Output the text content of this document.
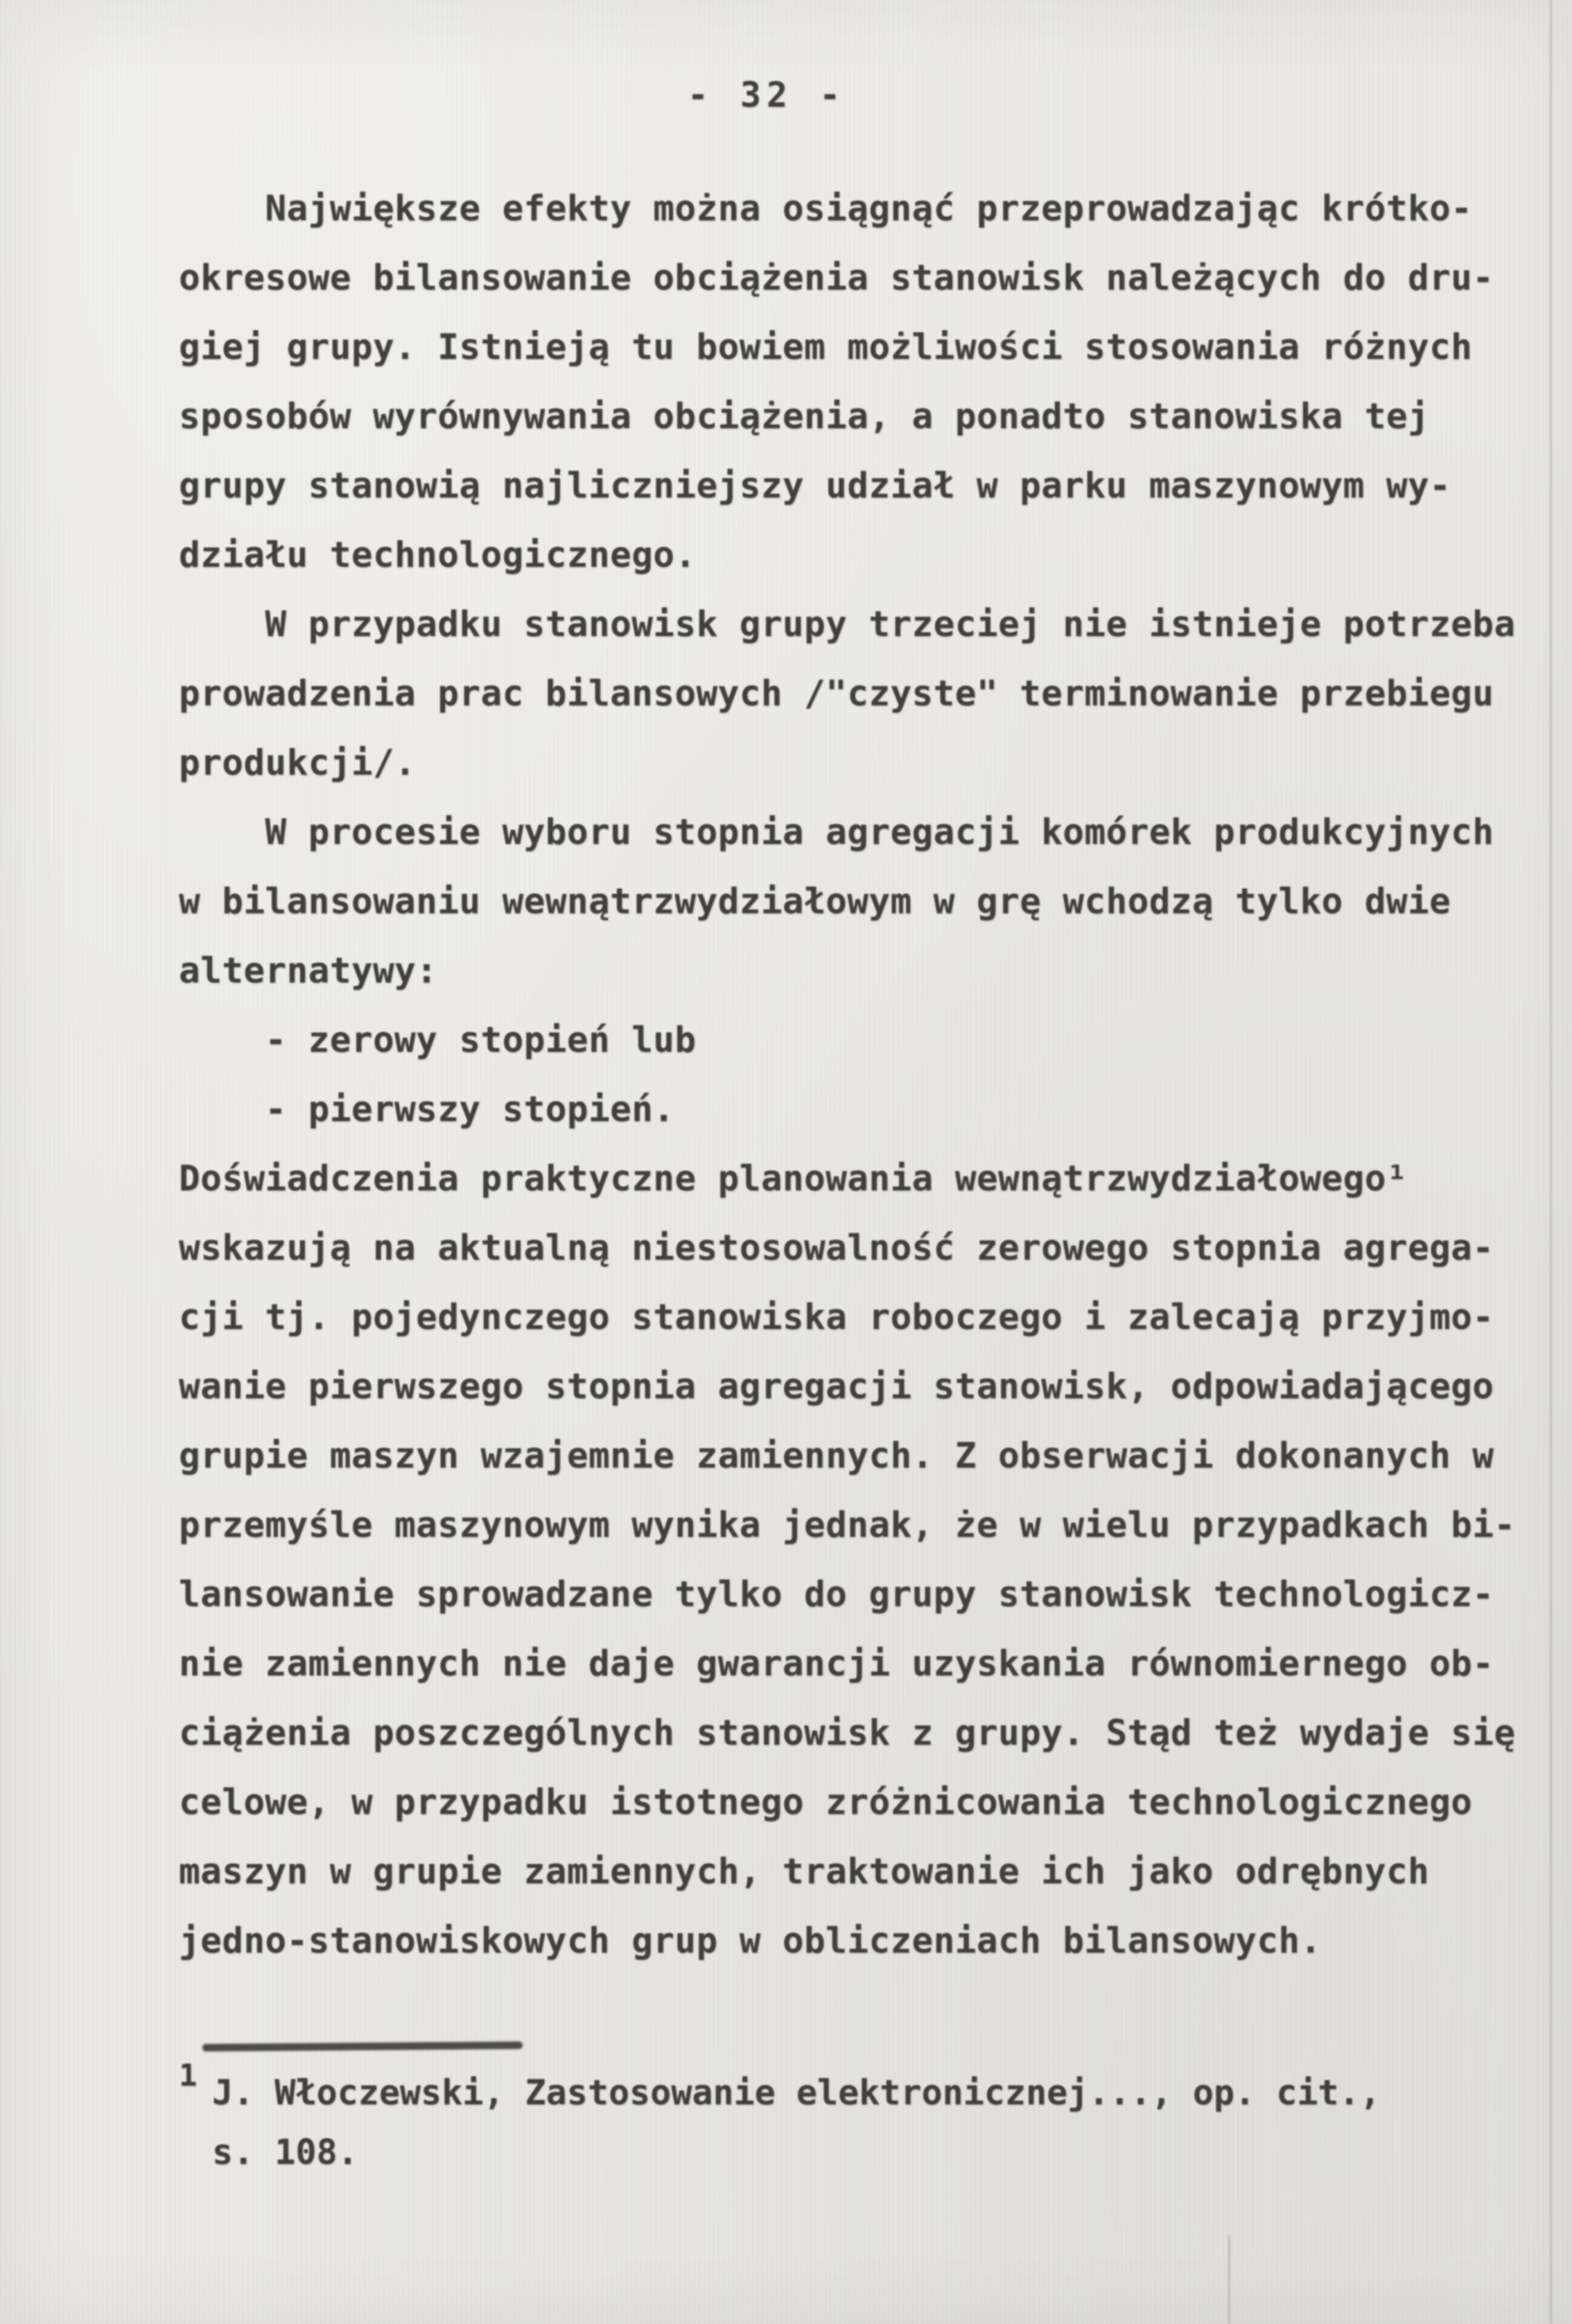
- 32 -
Największe efekty można osiągnąć przeprowadzając krótko-
okresowe bilansowanie obciążenia stanowisk należących do dru-
giej grupy. Istnieją tu bowiem możliwości stosowania różnych
sposobów wyrównywania obciążenia, a ponadto stanowiska tej
grupy stanowią najliczniejszy udział w parku maszynowym wy-
działu technologicznego.
W przypadku stanowisk grupy trzeciej nie istnieje potrzeba
prowadzenia prac bilansowych /"czyste" terminowanie przebiegu
produkcji/.
W procesie wyboru stopnia agregacji komórek produkcyjnych
w bilansowaniu wewnątrzwydziałowym w grę wchodzą tylko dwie
alternatywy:
- zerowy stopień lub
- pierwszy stopień.
Doświadczenia praktyczne planowania wewnątrzwydziałowego¹
wskazują na aktualną niestosowalność zerowego stopnia agrega-
cji tj. pojedynczego stanowiska roboczego i zalecają przyjmo-
wanie pierwszego stopnia agregacji stanowisk, odpowiadającego
grupie maszyn wzajemnie zamiennych. Z obserwacji dokonanych w
przemyśle maszynowym wynika jednak, że w wielu przypadkach bi-
lansowanie sprowadzane tylko do grupy stanowisk technologicz-
nie zamiennych nie daje gwarancji uzyskania równomiernego ob-
ciążenia poszczególnych stanowisk z grupy. Stąd też wydaje się
celowe, w przypadku istotnego zróżnicowania technologicznego
maszyn w grupie zamiennych, traktowanie ich jako odrębnych
jedno-stanowiskowych grup w obliczeniach bilansowych.
1 J. Włoczewski, Zastosowanie elektronicznej..., op. cit.,
s. 108.
